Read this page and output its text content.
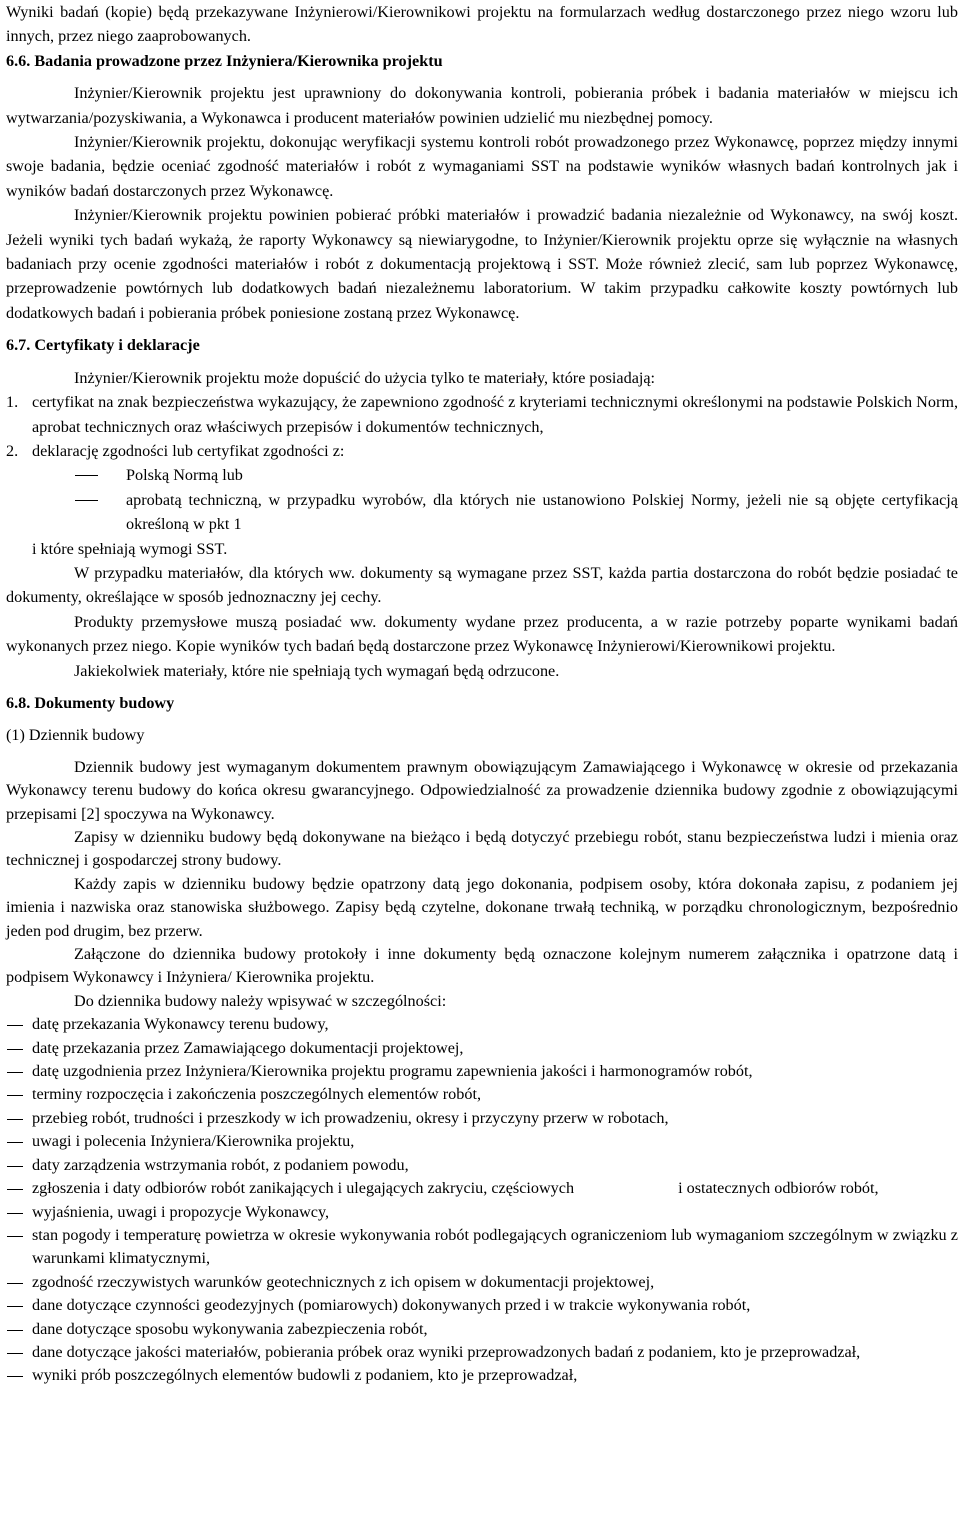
Wyniki badań (kopie) będą przekazywane Inżynierowi/Kierownikowi projektu na formularzach według dostarczonego przez niego wzoru lub innych, przez niego zaaprobowanych.

6.6. Badania prowadzone przez Inżyniera/Kierownika projektu

Inżynier/Kierownik projektu jest uprawniony do dokonywania kontroli, pobierania próbek i badania materiałów w miejscu ich wytwarzania/pozyskiwania, a Wykonawca i producent materiałów powinien udzielić mu niezbędnej pomocy.

Inżynier/Kierownik projektu, dokonując weryfikacji systemu kontroli robót prowadzonego przez Wykonawcę, poprzez między innymi swoje badania, będzie oceniać zgodność materiałów i robót z wymaganiami SST na podstawie wyników własnych badań kontrolnych jak i wyników badań dostarczonych przez Wykonawcę.

Inżynier/Kierownik projektu powinien pobierać próbki materiałów i prowadzić badania niezależnie od Wykonawcy, na swój koszt. Jeżeli wyniki tych badań wykażą, że raporty Wykonawcy są niewiarygodne, to Inżynier/Kierownik projektu oprze się wyłącznie na własnych badaniach przy ocenie zgodności materiałów i robót z dokumentacją projektową i SST. Może również zlecić, sam lub poprzez Wykonawcę, przeprowadzenie powtórnych lub dodatkowych badań niezależnemu laboratorium. W takim przypadku całkowite koszty powtórnych lub dodatkowych badań i pobierania próbek poniesione zostaną przez Wykonawcę.

6.7. Certyfikaty i deklaracje

Inżynier/Kierownik projektu może dopuścić do użycia tylko te materiały, które posiadają:

1. certyfikat na znak bezpieczeństwa wykazujący, że zapewniono zgodność z kryteriami technicznymi określonymi na podstawie Polskich Norm, aprobat technicznych oraz właściwych przepisów i dokumentów technicznych,
2. deklarację zgodności lub certyfikat zgodności z:
Polską Normą lub
aprobatą techniczną, w przypadku wyrobów, dla których nie ustanowiono Polskiej Normy, jeżeli nie są objęte certyfikacją określoną w pkt 1

i które spełniają wymogi SST.

W przypadku materiałów, dla których ww. dokumenty są wymagane przez SST, każda partia dostarczona do robót będzie posiadać te dokumenty, określające w sposób jednoznaczny jej cechy.

Produkty przemysłowe muszą posiadać ww. dokumenty wydane przez producenta, a w razie potrzeby poparte wynikami badań wykonanych przez niego. Kopie wyników tych badań będą dostarczone przez Wykonawcę Inżynierowi/Kierownikowi projektu.

Jakiekolwiek materiały, które nie spełniają tych wymagań będą odrzucone.

6.8. Dokumenty budowy

(1) Dziennik budowy

Dziennik budowy jest wymaganym dokumentem prawnym obowiązującym Zamawiającego i Wykonawcę w okresie od przekazania Wykonawcy terenu budowy do końca okresu gwarancyjnego. Odpowiedzialność za prowadzenie dziennika budowy zgodnie z obowiązującymi przepisami [2] spoczywa na Wykonawcy.

Zapisy w dzienniku budowy będą dokonywane na bieżąco i będą dotyczyć przebiegu robót, stanu bezpieczeństwa ludzi i mienia oraz technicznej i gospodarczej strony budowy.

Każdy zapis w dzienniku budowy będzie opatrzony datą jego dokonania, podpisem osoby, która dokonała zapisu, z podaniem jej imienia i nazwiska oraz stanowiska służbowego. Zapisy będą czytelne, dokonane trwałą techniką, w porządku chronologicznym, bezpośrednio jeden pod drugim, bez przerw.

Załączone do dziennika budowy protokoły i inne dokumenty będą oznaczone kolejnym numerem załącznika i opatrzone datą i podpisem Wykonawcy i Inżyniera/ Kierownika projektu.

Do dziennika budowy należy wpisywać w szczególności:

datę przekazania Wykonawcy terenu budowy,
datę przekazania przez Zamawiającego dokumentacji projektowej,
datę uzgodnienia przez Inżyniera/Kierownika projektu programu zapewnienia jakości i harmonogramów robót,
terminy rozpoczęcia i zakończenia poszczególnych elementów robót,
przebieg robót, trudności i przeszkody w ich prowadzeniu, okresy i przyczyny przerw w robotach,
uwagi i polecenia Inżyniera/Kierownika projektu,
daty zarządzenia wstrzymania robót, z podaniem powodu,
zgłoszenia i daty odbiorów robót zanikających i ulegających zakryciu, częściowych	i ostatecznych odbiorów robót,
wyjaśnienia, uwagi i propozycje Wykonawcy,
stan pogody i temperaturę powietrza w okresie wykonywania robót podlegających ograniczeniom lub wymaganiom szczególnym w związku z warunkami klimatycznymi,
zgodność rzeczywistych warunków geotechnicznych z ich opisem w dokumentacji projektowej,
dane dotyczące czynności geodezyjnych (pomiarowych) dokonywanych przed i w trakcie wykonywania robót,
dane dotyczące sposobu wykonywania zabezpieczenia robót,
dane dotyczące jakości materiałów, pobierania próbek oraz wyniki przeprowadzonych badań z podaniem, kto je przeprowadzał,
wyniki prób poszczególnych elementów budowli z podaniem, kto je przeprowadzał,
